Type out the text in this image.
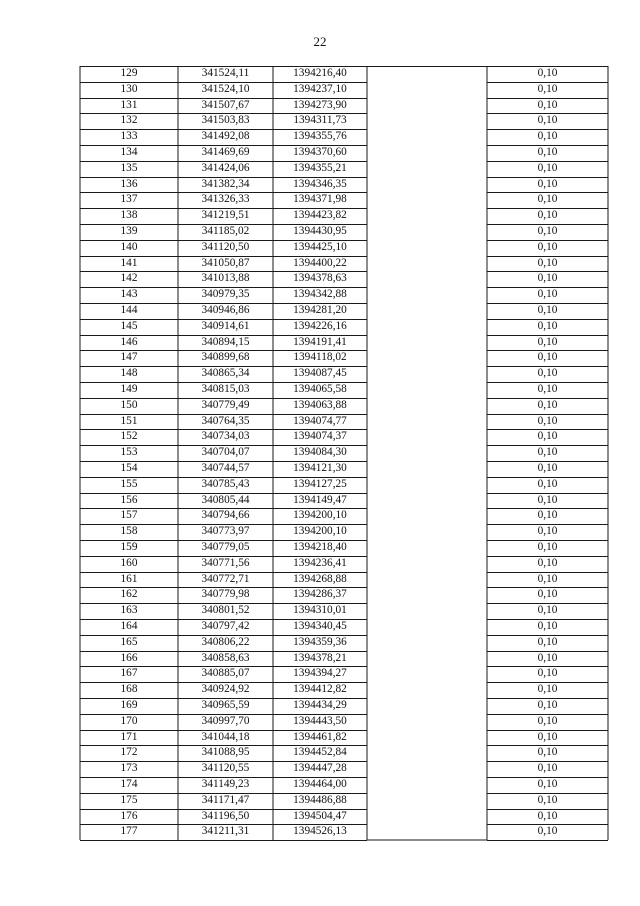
22
129
130
131
132
133
134
135
136
137
138
139
140
141
142
143
144
145
146
147
148
149
150
151
152
153
154
155
156
157
158
159
160
161
162
163
164
165
166
167
168
169
170
171
172
173
174
175
176
177
341524,11
341524,10
341507,67
341503,83
341492,08
341469,69
341424,06
341382,34
341326,33
341219,51
341185,02
341120,50
341050,87
341013,88
340979,35
340946,86
340914,61
340894,15
340899,68
340865,34
340815,03
340779,49
340764,35
340734,03
340704,07
340744,57
340785,43
340805,44
340794,66
340773,97
340779,05
340771,56
340772,71
340779,98
340801,52
340797,42
340806,22
340858,63
340885,07
340924,92
340965,59
340997,70
341044,18
341088,95
341120,55
341149,23
341171,47
341196,50
341211,31
1394216,40
1394237,10
1394273,90
1394311,73
1394355,76
1394370,60
1394355,21
1394346,35
1394371,98
1394423,82
1394430,95
1394425,10
1394400,22
1394378,63
1394342,88
1394281,20
1394226,16
1394191,41
1394118,02
1394087,45
1394065,58
1394063,88
1394074,77
1394074,37
1394084,30
1394121,30
1394127,25
1394149,47
1394200,10
1394200,10
1394218,40
1394236,41
1394268,88
1394286,37
1394310,01
1394340,45
1394359,36
1394378,21
1394394,27
1394412,82
1394434,29
1394443,50
1394461,82
1394452,84
1394447,28
1394464,00
1394486,88
1394504,47
1394526,13
0,10
0,10
0,10
0,10
0,10
0,10
0,10
0,10
0,10
0,10
0,10
0,10
0,10
0,10
0,10
0,10
0,10
0,10
0,10
0,10
0,10
0,10
0,10
0,10
0,10
0,10
0,10
0,10
0,10
0,10
0,10
0,10
0,10
0,10
0,10
0,10
0,10
0,10
0,10
0,10
0,10
0,10
0,10
0,10
0,10
0,10
0,10
0,10
0,10
